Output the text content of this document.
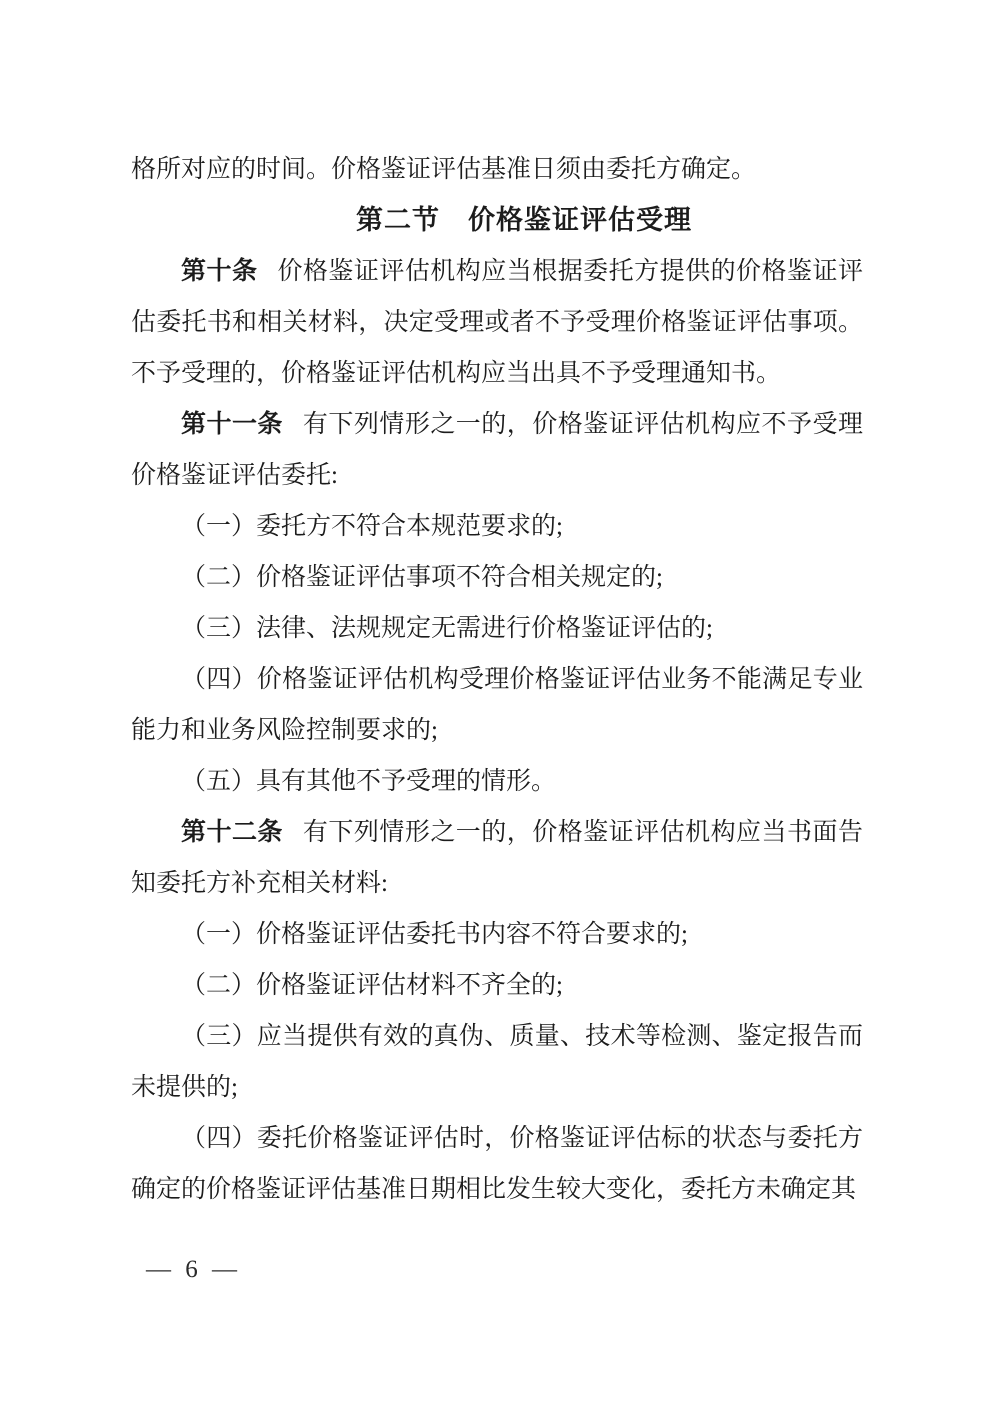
格所对应的时间。价格鉴证评估基准日须由委托方确定。

第二节　价格鉴证评估受理

第十条 价格鉴证评估机构应当根据委托方提供的价格鉴证评估委托书和相关材料，决定受理或者不予受理价格鉴证评估事项。不予受理的，价格鉴证评估机构应当出具不予受理通知书。

第十一条 有下列情形之一的，价格鉴证评估机构应不予受理价格鉴证评估委托:

（一）委托方不符合本规范要求的;

（二）价格鉴证评估事项不符合相关规定的;

（三）法律、法规规定无需进行价格鉴证评估的;

（四）价格鉴证评估机构受理价格鉴证评估业务不能满足专业能力和业务风险控制要求的;

（五）具有其他不予受理的情形。

第十二条 有下列情形之一的，价格鉴证评估机构应当书面告知委托方补充相关材料:

（一）价格鉴证评估委托书内容不符合要求的;

（二）价格鉴证评估材料不齐全的;

（三）应当提供有效的真伪、质量、技术等检测、鉴定报告而未提供的;

（四）委托价格鉴证评估时，价格鉴证评估标的状态与委托方确定的价格鉴证评估基准日期相比发生较大变化，委托方未确定其

— 6 —
